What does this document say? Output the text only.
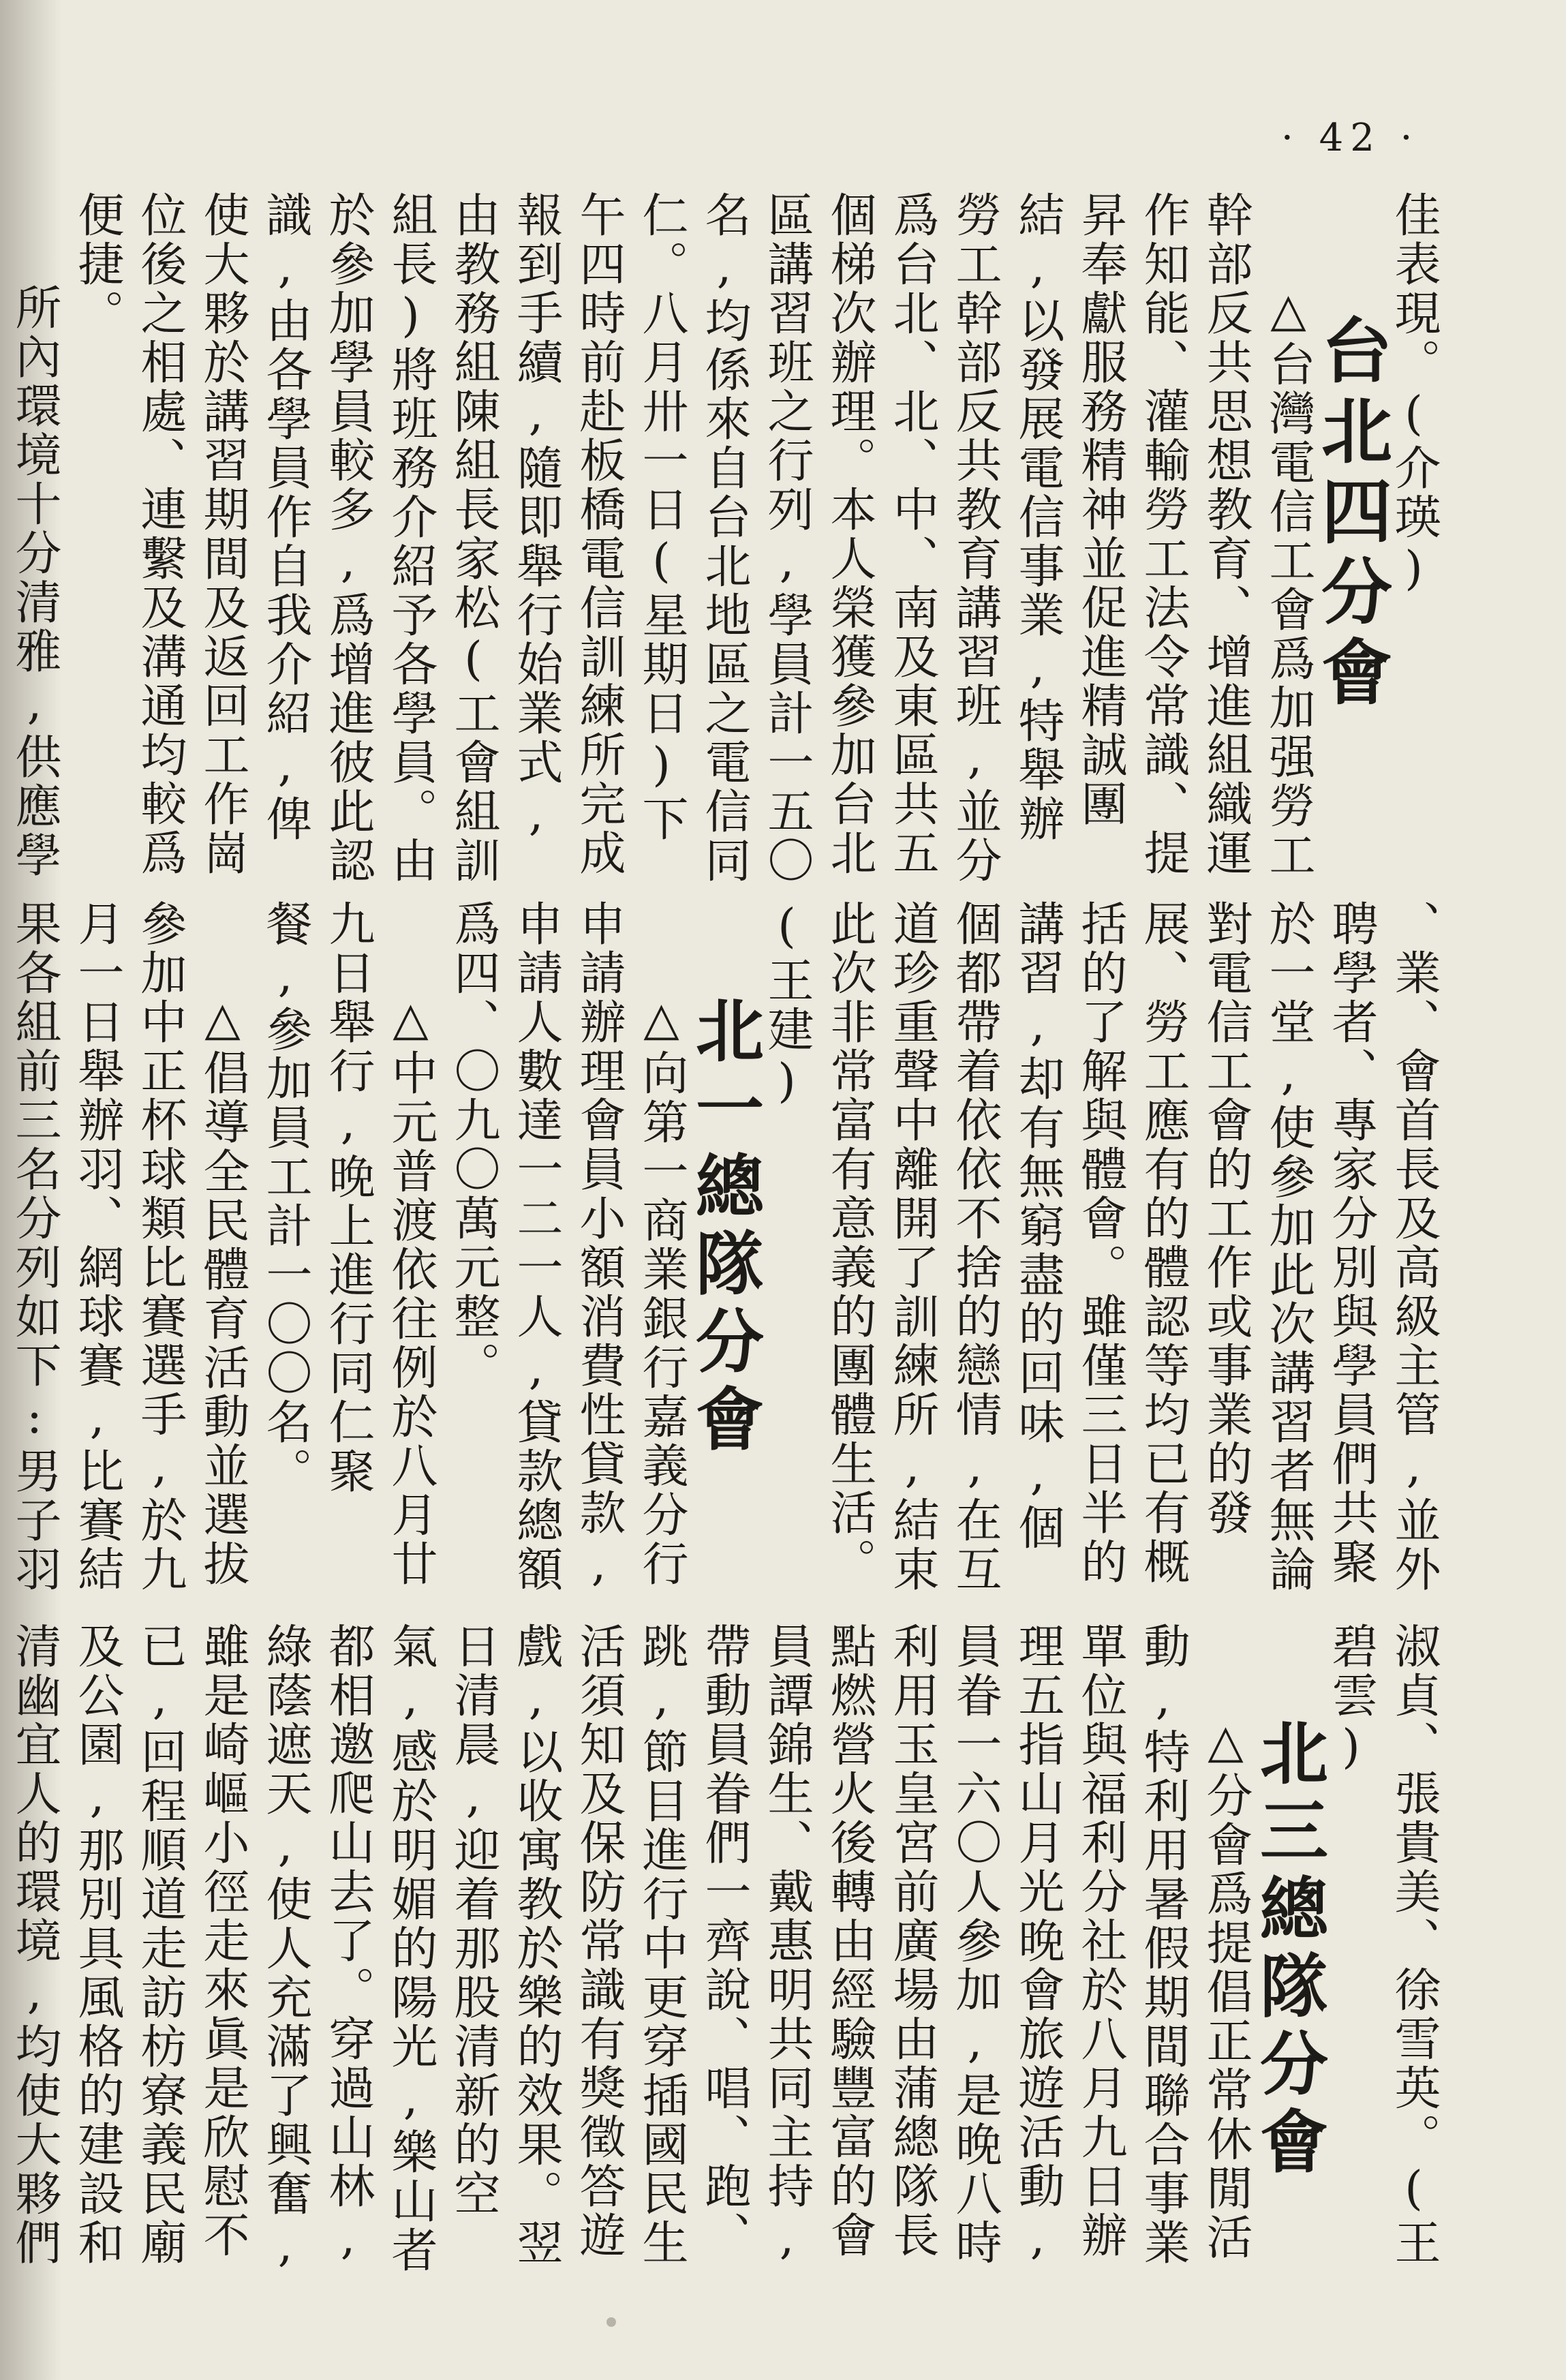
· 42 ·

佳表現。(介瑛)

台北四分會

△台灣電信工會爲加强勞工幹部反共思想教育、增進組織運作知能、灌輸勞工法令常識、提昇奉獻服務精神並促進精誠團結,以發展電信事業,特舉辦勞工幹部反共教育講習班,並分爲台北、北、中、南及東區共五個梯次辦理。本人榮獲參加台北區講習班之行列,學員計一五〇名,均係來自台北地區之電信同仁。八月卅一日(星期日)下午四時前赴板橋電信訓練所完成報到手續,隨即舉行始業式,由教務組陳組長家松(工會組訓組長)將班務介紹予各學員。由於參加學員較多,爲增進彼此認識,由各學員作自我介紹,俾使大夥於講習期間及返回工作崗位後之相處、連繫及溝通均較爲便捷。

所內環境十分清雅,供應學

、業、會首長及高級主管,並外聘學者、專家分別與學員們共聚於一堂,使參加此次講習者無論對電信工會的工作或事業的發展、勞工應有的體認等均已有概括的了解與體會。雖僅三日半的講習,却有無窮盡的回味,個個都帶着依依不捨的戀情,在互道珍重聲中離開了訓練所,結束此次非常富有意義的團體生活。(王建)

北一總隊分會

△向第一商業銀行嘉義分行申請辦理會員小額消費性貸款,申請人數達一二一人,貸款總額爲四、〇九〇萬元整。

△中元普渡依往例於八月廿九日舉行,晚上進行同仁聚餐,參加員工計一〇〇名。

△倡導全民體育活動並選拔參加中正杯球類比賽選手,於九月一日舉辦羽、網球賽,比賽結果各組前三名分列如下:男子羽

淑貞、張貴美、徐雪英。(王碧雲)

北三總隊分會

△分會爲提倡正常休閒活動,特利用暑假期間聯合事業單位與福利分社於八月九日辦理五指山月光晚會旅遊活動,員眷一六〇人參加,是晚八時利用玉皇宮前廣場由蒲總隊長點燃營火後轉由經驗豐富的會員譚錦生、戴惠明共同主持,帶動員眷們一齊說、唱、跑、跳,節目進行中更穿插國民生活須知及保防常識有獎徵答遊戲,以收寓教於樂的效果。翌日清晨,迎着那股清新的空氣,感於明媚的陽光,樂山者都相邀爬山去了。穿過山林,綠蔭遮天,使人充滿了興奮,雖是崎嶇小徑走來眞是欣慰不已,回程順道走訪枋寮義民廟及公園,那別具風格的建設和清幽宜人的環境,均使大夥們
